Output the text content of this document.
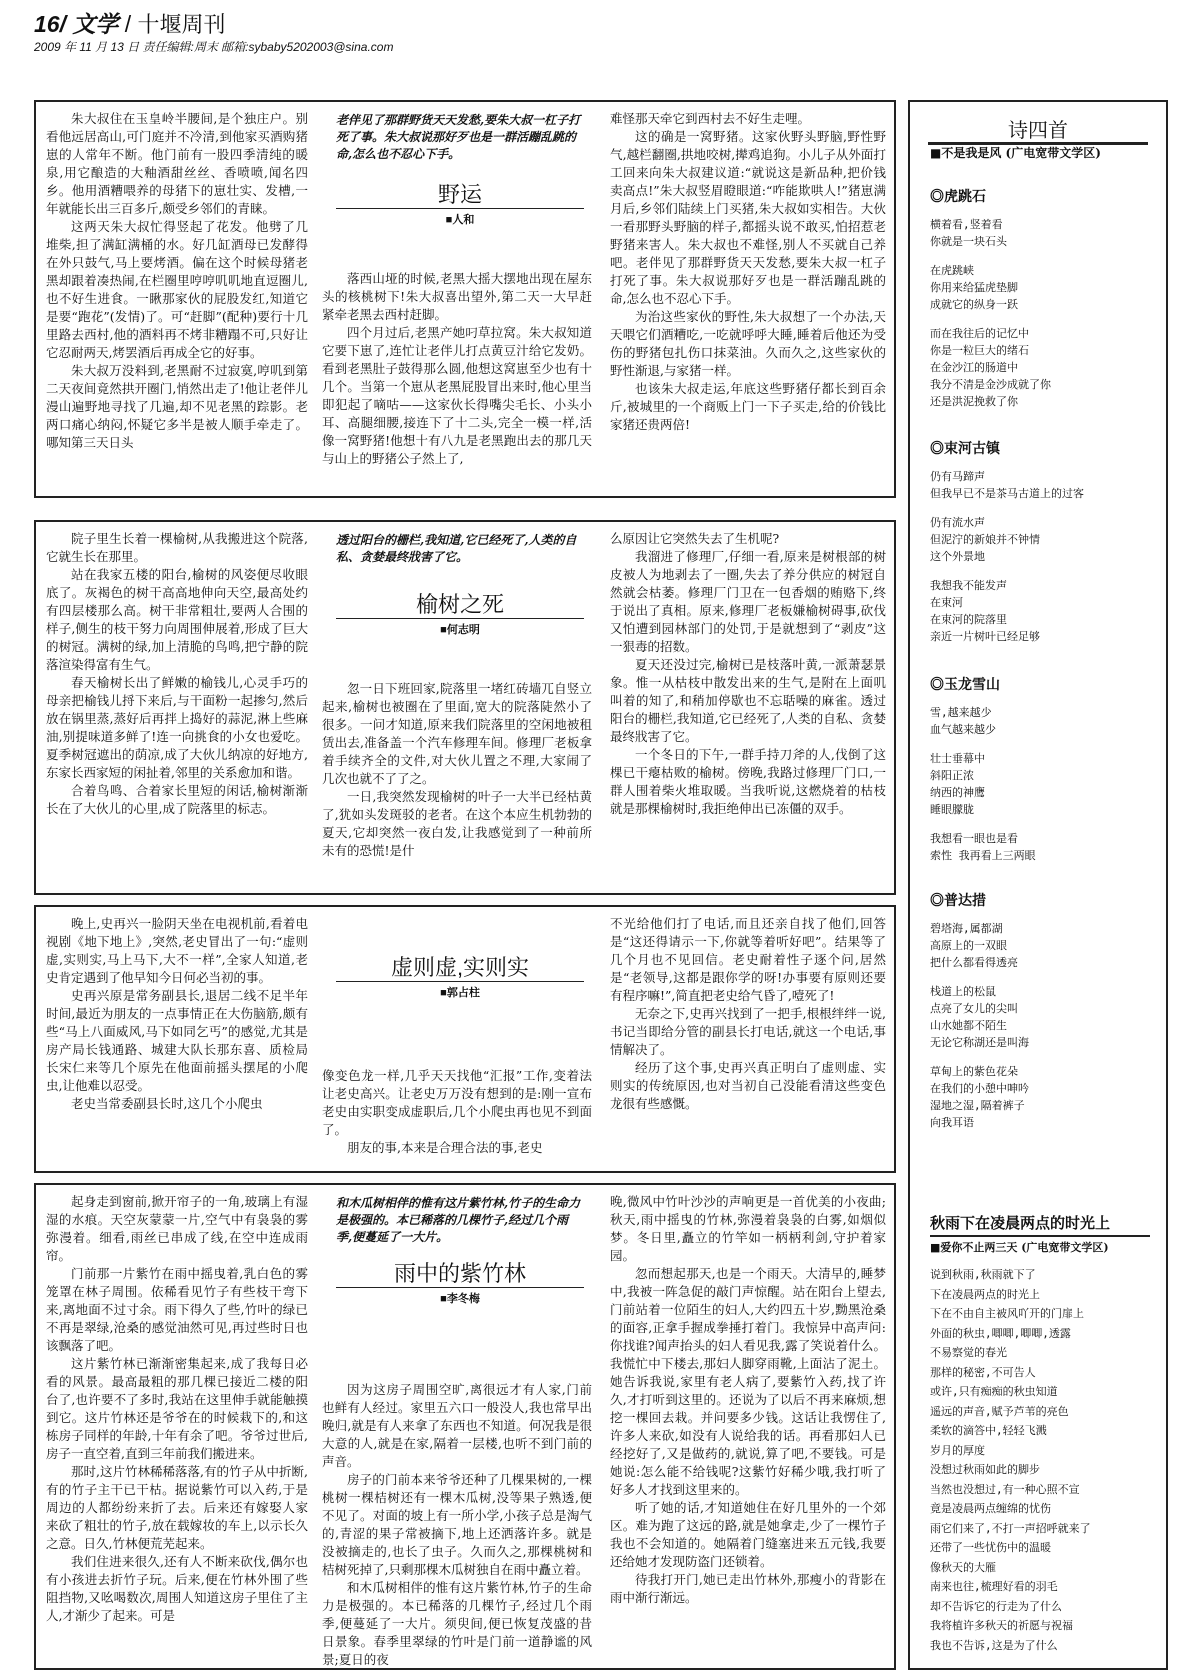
16/ 文学 / 十堰周刊
2009 年 11 月 13 日 责任编辑:周末 邮箱:sybaby5202003@sina.com

朱大叔住在玉皇岭半腰间,是个独庄户。别看他远居高山,可门庭并不冷清,到他家买酒购猪崽的人常年不断。他门前有一股四季清纯的暖泉,用它酿造的大釉酒甜丝丝、香喷喷,闻名四乡。他用酒糟喂养的母猪下的崽壮实、发槽,一年就能长出三百多斤,颇受乡邻们的青睐。

这两天朱大叔忙得竖起了花发。他劈了几堆柴,担了满缸满桶的水。好几缸酒母已发酵得在外只鼓气,马上要烤酒。偏在这个时候母猪老黑却跟着凑热闹,在栏圈里哼哼叽叽地直逗圈儿,也不好生进食。一瞅那家伙的屁股发红,知道它是要“跑花”(发情)了。可“赶脚”(配种)要行十几里路去西村,他的酒料再不烤非糟蹋不可,只好让它忍耐两天,烤罢酒后再成全它的好事。

朱大叔万没料到,老黑耐不过寂寞,哼叽到第二天夜间竟然拱开圈门,悄然出走了!他让老伴儿漫山遍野地寻找了几遍,却不见老黑的踪影。老两口痛心纳闷,怀疑它多半是被人顺手牵走了。哪知第三天日头

老伴见了那群野货天天发愁,要朱大叔一杠子打死了事。朱大叔说那好歹也是一群活蹦乱跳的命,怎么也不忍心下手。
野运
■人和

落西山垭的时候,老黑大摇大摆地出现在屋东头的核桃树下!朱大叔喜出望外,第二天一大早赶紧牵老黑去西村赶脚。

四个月过后,老黑产她叼草拉窝。朱大叔知道它要下崽了,连忙让老伴儿打点黄豆汁给它发奶。看到老黑肚子鼓得那么圆,他想这窝崽至少也有十几个。当第一个崽从老黑屁股冒出来时,他心里当即犯起了嘀咕——这家伙长得嘴尖毛长、小头小耳、高腿细腰,接连下了十二头,完全一模一样,活像一窝野猪!他想十有八九是老黑跑出去的那几天与山上的野猪公子然上了,

难怪那天牵它到西村去不好生走哩。

这的确是一窝野猪。这家伙野头野脑,野性野气,越栏翻圈,拱地咬树,撵鸡追狗。小儿子从外面打工回来向朱大叔建议道:“就说这是新品种,把价钱卖高点!”朱大叔竖眉瞪眼道:“咋能欺哄人!”猪崽满月后,乡邻们陆续上门买猪,朱大叔如实相告。大伙一看那野头野脑的样子,都摇头说不敢买,怕招惹老野猪来害人。朱大叔也不难怪,别人不买就自己养吧。老伴见了那群野货天天发愁,要朱大叔一杠子打死了事。朱大叔说那好歹也是一群活蹦乱跳的命,怎么也不忍心下手。

为治这些家伙的野性,朱大叔想了一个办法,天天喂它们酒糟吃,一吃就呼呼大睡,睡着后他还为受伤的野猪包扎伤口抹菜油。久而久之,这些家伙的野性渐退,与家猪一样。

也该朱大叔走运,年底这些野猪仔都长到百余斤,被城里的一个商贩上门一下子买走,给的价钱比家猪还贵两倍!

院子里生长着一棵榆树,从我搬进这个院落,它就生长在那里。

站在我家五楼的阳台,榆树的风姿便尽收眼底了。灰褐色的树干高高地伸向天空,最高处约有四层楼那么高。树干非常粗壮,要两人合围的样子,侧生的枝干努力向周围伸展着,形成了巨大的树冠。满树的绿,加上清脆的鸟鸣,把宁静的院落渲染得富有生气。

春天榆树长出了鲜嫩的榆钱儿,心灵手巧的母亲把榆钱儿捋下来后,与干面粉一起掺匀,然后放在锅里蒸,蒸好后再拌上捣好的蒜泥,淋上些麻油,别提味道多鲜了!连一向挑食的小女也爱吃。夏季树冠遮出的荫凉,成了大伙儿纳凉的好地方,东家长西家短的闲扯着,邻里的关系愈加和谐。

合着鸟鸣、合着家长里短的闲话,榆树渐渐长在了大伙儿的心里,成了院落里的标志。

透过阳台的栅栏,我知道,它已经死了,人类的自私、贪婪最终戕害了它。
榆树之死
■何志明

忽一日下班回家,院落里一堵红砖墙兀自竖立起来,榆树也被圈在了里面,宽大的院落陡然小了很多。一问才知道,原来我们院落里的空闲地被租赁出去,准备盖一个汽车修理车间。修理厂老板拿着手续齐全的文件,对大伙儿置之不理,大家闹了几次也就不了了之。

一日,我突然发现榆树的叶子一大半已经枯黄了,犹如头发斑驳的老者。在这个本应生机勃勃的夏天,它却突然一夜白发,让我感觉到了一种前所未有的恐慌!是什

么原因让它突然失去了生机呢?

我溜进了修理厂,仔细一看,原来是树根部的树皮被人为地剥去了一圈,失去了养分供应的树冠自然就会枯萎。修理厂门卫在一包香烟的贿赂下,终于说出了真相。原来,修理厂老板嫌榆树碍事,砍伐又怕遭到园林部门的处罚,于是就想到了“剥皮”这一狠毒的招数。

夏天还没过完,榆树已是枝落叶黄,一派萧瑟景象。惟一从枯枝中散发出来的生气,是附在上面叽叫着的知了,和稍加停歇也不忘聒噪的麻雀。透过阳台的栅栏,我知道,它已经死了,人类的自私、贪婪最终戕害了它。

一个冬日的下午,一群手持刀斧的人,伐倒了这棵已干瘪枯败的榆树。傍晚,我路过修理厂门口,一群人围着柴火堆取暖。当我听说,这燃烧着的枯枝就是那棵榆树时,我拒绝伸出已冻僵的双手。

晚上,史再兴一脸阴天坐在电视机前,看着电视剧《地下地上》,突然,老史冒出了一句:“虚则虚,实则实,马上马下,大不一样”,全家人知道,老史肯定遇到了他早知今日何必当初的事。

史再兴原是常务副县长,退居二线不足半年时间,最近为朋友的一点事情正在大伤脑筋,颇有些“马上八面威风,马下如同乞丐”的感觉,尤其是房产局长钱通路、城建大队长那东喜、质检局长宋仁来等几个原先在他面前摇头摆尾的小爬虫,让他难以忍受。

老史当常委副县长时,这几个小爬虫

虚则虚,实则实
■郭占柱

像变色龙一样,几乎天天找他“汇报”工作,变着法让老史高兴。让老史万万没有想到的是:刚一宣布老史由实职变成虚职后,几个小爬虫再也见不到面了。

朋友的事,本来是合理合法的事,老史

不光给他们打了电话,而且还亲自找了他们,回答是“这还得请示一下,你就等着听好吧”。结果等了几个月也不见回信。老史耐着性子逐个问,居然是“老领导,这都是跟你学的呀!办事要有原则还要有程序嘛!”,简直把老史给气昏了,噎死了!

无奈之下,史再兴找到了一把手,根根绊绊一说,书记当即给分管的副县长打电话,就这一个电话,事情解决了。

经历了这个事,史再兴真正明白了虚则虚、实则实的传统原因,也对当初自己没能看清这些变色龙很有些感慨。

起身走到窗前,掀开帘子的一角,玻璃上有湿湿的水痕。天空灰蒙蒙一片,空气中有袅袅的雾弥漫着。细看,雨丝已串成了线,在空中连成雨帘。

门前那一片紫竹在雨中摇曳着,乳白色的雾笼罩在林子周围。依稀看见竹子有些枝干弯下来,离地面不过寸余。雨下得久了些,竹叶的绿已不再是翠绿,沧桑的感觉油然可见,再过些时日也该飘落了吧。

这片紫竹林已渐渐密集起来,成了我每日必看的风景。最高最粗的那几棵已接近二楼的阳台了,也许要不了多时,我站在这里伸手就能触摸到它。这片竹林还是爷爷在的时候栽下的,和这栋房子同样的年龄,十年有余了吧。爷爷过世后,房子一直空着,直到三年前我们搬进来。

那时,这片竹林稀稀落落,有的竹子从中折断,有的竹子主干已干枯。据说紫竹可以入药,于是周边的人都纷纷来折了去。后来还有嫁娶人家来砍了粗壮的竹子,放在载嫁妆的车上,以示长久之意。日久,竹林便荒芜起来。

我们住进来很久,还有人不断来砍伐,偶尔也有小孩进去折竹子玩。后来,便在竹林外围了些阻挡物,又吆喝数次,周围人知道这房子里住了主人,才渐少了起来。可是

和木瓜树相伴的惟有这片紫竹林,竹子的生命力是极强的。本已稀落的几棵竹子,经过几个雨季,便蔓延了一大片。
雨中的紫竹林
■李冬梅

因为这房子周围空旷,离很远才有人家,门前也鲜有人经过。家里五六口一般没人,我也常早出晚归,就是有人来拿了东西也不知道。何况我是很大意的人,就是在家,隔着一层楼,也听不到门前的声音。

房子的门前本来爷爷还种了几棵果树的,一棵桃树一棵桔树还有一棵木瓜树,没等果子熟透,便不见了。对面的坡上有一所小学,小孩子总是淘气的,青涩的果子常被摘下,地上还洒落许多。就是没被摘走的,也长了虫子。久而久之,那棵桃树和桔树死掉了,只剩那棵木瓜树独自在雨中矗立着。

和木瓜树相伴的惟有这片紫竹林,竹子的生命力是极强的。本已稀落的几棵竹子,经过几个雨季,便蔓延了一大片。须臾间,便已恢复茂盛的昔日景象。春季里翠绿的竹叶是门前一道静谧的风景;夏日的夜

晚,微风中竹叶沙沙的声响更是一首优美的小夜曲;秋天,雨中摇曳的竹林,弥漫着袅袅的白雾,如烟似梦。冬日里,矗立的竹竿如一柄柄利剑,守护着家园。

忽而想起那天,也是一个雨天。大清早的,睡梦中,我被一阵急促的敲门声惊醒。站在阳台上望去,门前站着一位陌生的妇人,大约四五十岁,黝黑沧桑的面容,正拿手握成拳捶打着门。我惊异中高声问:你找谁?闻声抬头的妇人看见我,露了笑说着什么。我慌忙中下楼去,那妇人脚穿雨靴,上面沾了泥土。她告诉我说,家里有老人病了,要紫竹入药,找了许久,才打听到这里的。还说为了以后不再来麻烦,想挖一棵回去栽。并问要多少钱。这话让我愣住了,许多人来砍,如没有人说给我的话。再看那妇人已经挖好了,又是做药的,就说,算了吧,不要钱。可是她说:怎么能不给钱呢?这紫竹好稀少哦,我打听了好多人才找到这里来的。

听了她的话,才知道她住在好几里外的一个郊区。难为跑了这远的路,就是她拿走,少了一棵竹子我也不会知道的。她隔着门缝塞进来五元钱,我要还给她才发现防盗门还锁着。

待我打开门,她已走出竹林外,那瘦小的背影在雨中渐行渐远。

诗四首
■不是我是风 (广电宽带文学区)
◎虎跳石
横着看,竖着看
你就是一块石头
在虎跳峡
你用来给猛虎垫脚
成就它的纵身一跃
而在我往后的记忆中
你是一粒巨大的绪石
在金沙江的肠道中
我分不清是金沙成就了你
还是洪泥挽救了你
◎束河古镇
仍有马蹄声
但我早已不是茶马古道上的过客
仍有流水声
但泥泞的新娘并不钟情
这个外景地
我想我不能发声
在束河
在束河的院落里
亲近一片树叶已经足够
◎玉龙雪山
雪,越来越少
血气越来越少
壮士垂幕中
斜阳正浓
纳西的神鹰
睡眼朦胧
我想看一眼也是看
索性 我再看上三两眼
◎普达措
碧塔海,属都湖
高原上的一双眼
把什么都看得透亮
栈道上的松鼠
点亮了女儿的尖叫
山水她都不陌生
无论它称湖还是叫海
草甸上的紫色花朵
在我们的小憩中呻吟
湿地之湿,隔着裤子
向我耳语
秋雨下在凌晨两点的时光上
■爱你不止两三天 (广电宽带文学区)
说到秋雨,秋雨就下了
下在凌晨两点的时光上
下在不由自主被风吖开的门扉上
外面的秋虫,唧唧,唧唧,透露
不易察觉的春光
那样的秘密,不可告人
或许,只有痴痴的秋虫知道
遥远的声音,赋予芦苇的亮色
柔软的滴答中,轻轻飞溅
岁月的厚度
没想过秋雨如此的脚步
当然也没想过,有一种心照不宣
竟是凌晨两点缠绵的忧伤
雨它们来了,不打一声招呼就来了
还带了一些忧伤中的温暖
像秋天的大雁
南来也往,梳理好看的羽毛
却不告诉它的行走为了什么
我将植许多秋天的祈愿与祝福
我也不告诉,这是为了什么
